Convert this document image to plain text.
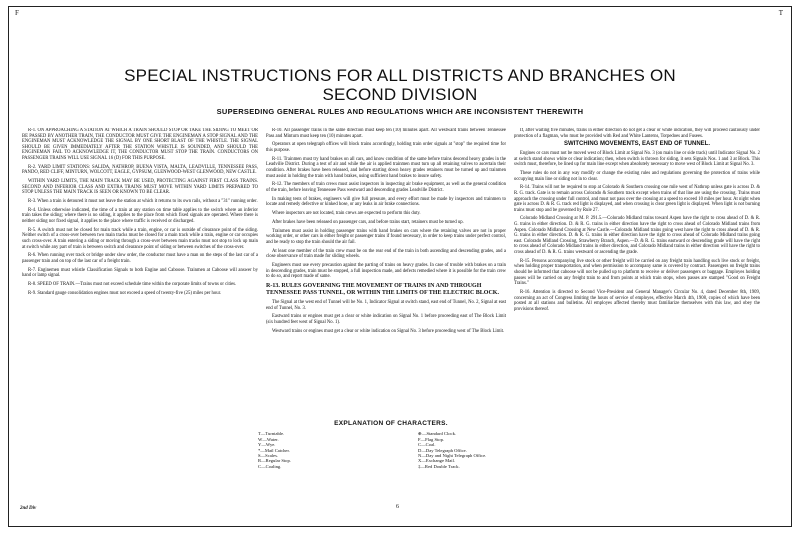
F	T
SPECIAL INSTRUCTIONS FOR ALL DISTRICTS AND BRANCHES ON
SECOND DIVISION
SUPERSEDING GENERAL RULES AND REGULATIONS WHICH ARE INCONSISTENT THEREWITH

R-1. ON APPROACHING A STATION AT WHICH A TRAIN SHOULD STOP OR TAKE THE SIDING TO MEET OR BE PASSED BY ANOTHER TRAIN, THE CONDUCTOR MUST GIVE THE ENGINEMAN A STOP SIGNAL AND THE ENGINEMAN MUST ACKNOWLEDGE THE SIGNAL BY ONE SHORT BLAST OF THE WHISTLE. THE SIGNAL SHOULD BE GIVEN IMMEDIATELY AFTER THE STATION WHISTLE IS SOUNDED, AND SHOULD THE ENGINEMAN FAIL TO ACKNOWLEDGE IT, THE CONDUCTOR MUST STOP THE TRAIN. CONDUCTORS ON PASSENGER TRAINS WILL USE SIGNAL 16 (D) FOR THIS PURPOSE.

R-2. YARD LIMIT STATIONS: SALIDA, NATHROP, BUENA VISTA, MALTA, LEADVILLE, TENNESSEE PASS, PANDO, RED CLIFF, MINTURN, WOLCOTT, EAGLE, GYPSUM, GLENWOOD-WEST GLENWOOD, NEW CASTLE.

WITHIN YARD LIMITS, THE MAIN TRACK MAY BE USED, PROTECTING AGAINST FIRST CLASS TRAINS. SECOND AND INFERIOR CLASS AND EXTRA TRAINS MUST MOVE WITHIN YARD LIMITS PREPARED TO STOP UNLESS THE MAIN TRACK IS SEEN OR KNOWN TO BE CLEAR.

R-3. When a train is detoured it must not leave the station at which it returns to its own rails, without a "31" running order.

R-4. Unless otherwise indicated, the time of a train at any station on time table applies to the switch where an inferior train takes the siding; where there is no siding, it applies to the place from which fixed signals are operated. Where there is neither siding nor fixed signal, it applies to the place where traffic is received or discharged.

R-5. A switch must not be closed for main track while a train, engine, or car is outside of clearance point of the siding. Neither switch of a cross-over between two main tracks must be closed for a main track while a train, engine or car occupies such cross-over. A train entering a siding or moving through a cross-over between main tracks must not stop to lock up main at switch while any part of train is between switch and clearance point of siding or between switches of the cross-over.

R-6. When running over track or bridge under slow order, the conductor must have a man on the steps of the last car of a passenger train and on top of the last car of a freight train.

R-7. Enginemen must whistle Classification Signals to both Engine and Caboose. Trainmen at Caboose will answer by hand or lamp signal.

R-8. SPEED OF TRAIN.—Trains must not exceed schedule time within the corporate limits of towns or cities.

R-9. Standard gauge consolidation engines must not exceed a speed of twenty-five (25) miles per hour.

R-10. All passenger trains in the same direction must keep ten (10) minutes apart. All westward trains between Tennessee Pass and Minturn must keep ten (10) minutes apart.

Operators at open telegraph offices will block trains accordingly, holding train order signals at "stop" the required time for this purpose.

R-11. Trainmen must try hand brakes on all cars, and know condition of the same before trains descend heavy grades in the Leadville District. During a test of air and while the air is applied trainmen must turn up all retaining valves to ascertain their condition. After brakes have been released, and before starting down heavy grades retainers must be turned up and trainmen must assist in holding the train with hand brakes, using sufficient hand brakes to insure safety.

R-12. The members of train crews must assist inspectors in inspecting air brake equipment, as well as the general condition of the train, before leaving Tennessee Pass westward and descending grades Leadville District.

In making tests of brakes, engineers will give full pressure, and every effort must be made by inspectors and trainmen to locate and remedy defective or kinked hose, or any leaks in air brake connections.

Where inspectors are not located, train crews are expected to perform this duty.

After brakes have been released on passenger cars, and before trains start, retainers must be turned up.

Trainmen must assist in holding passenger trains with hand brakes on cars where the retaining valves are not in proper working order, or other cars in either freight or passenger trains if found necessary, in order to keep trains under perfect control, and be ready to stop the train should the air fail.

At least one member of the train crew must be on the rear end of the train in both ascending and descending grades, and a close observance of train made for sliding wheels.

Engineers must use every precaution against the parting of trains on heavy grades. In case of trouble with brakes on a train in descending grades, train must be stopped, a full inspection made, and defects remedied where it is possible for the train crew to do so, and report made of same.

R-13. RULES GOVERNING THE MOVEMENT OF TRAINS IN AND THROUGH TENNESSEE PASS TUNNEL, OR WITHIN THE LIMITS OF THE ELECTRIC BLOCK.

The Signal at the west end of Tunnel will be No. 1, Indicator Signal at switch stand, east end of Tunnel, No. 2, Signal at east end of Tunnel, No. 3.

Eastward trains or engines must get a clear or white indication on Signal No. 1 before proceeding east of The Block Limit (six hundred feet west of Signal No. 1).

Westward trains or engines must get a clear or white indication on Signal No. 3 before proceeding west of The Block Limit.

If, after waiting five minutes, trains in either direction do not get a clear or white indication, they will proceed cautiously under protection of a flagman, who must be provided with Red and White Lanterns, Torpedoes and Fusees.

SWITCHING MOVEMENTS, EAST END OF TUNNEL.

Engines or cars must not be moved west of Block Limit at Signal No. 3 (on main line or side track) until Indicator Signal No. 2 at switch stand shows white or clear indication; then, when switch is thrown for siding, it sets Signals Nos. 1 and 3 at Block. This switch must, therefore, be lined up for main line except when absolutely necessary to move west of Block Limit at Signal No. 3.

These rules do not in any way modify or change the existing rules and regulations governing the protection of trains while occupying main line or siding not in to clear.

R-14. Trains will not be required to stop at Colorado & Southern crossing one mile west of Nathrop unless gate is across D. & R. G. track. Gate is to remain across Colorado & Southern track except when trains of that line are using the crossing. Trains must approach the crossing under full control, and must not pass over the crossing at a speed to exceed 10 miles per hour. At night when gate is across D. & R. G. track red light is displayed, and when crossing is clear green light is displayed. When light is not burning trains must stop and be governed by Rule 27.

Colorado Midland Crossing at M. P. 291.5.—Colorado Midland trains toward Aspen have the right to cross ahead of D. & R. G. trains in either direction. D. & R. G. trains in either direction have the right to cross ahead of Colorado Midland trains from Aspen. Colorado Midland Crossing at New Castle.—Colorado Midland trains going west have the right to cross ahead of D. & R. G. trains in either direction. D. & R. G. trains in either direction have the right to cross ahead of Colorado Midland trains going east. Colorado Midland Crossing, Strawberry Branch, Aspen.—D. & R. G. trains eastward or descending grade will have the right to cross ahead of Colorado Midland trains in either direction, and Colorado Midland trains in either direction will have the right to cross ahead of D. & R. G. trains westward or ascending the grade.

R-15. Persons accompanying live stock or other freight will be carried on any freight train handling such live stock or freight, when holding proper transportation, and when permission to accompany same is covered by contract. Passengers on freight trains should be informed that caboose will not be pulled up to platform to receive or deliver passengers or baggage. Employes holding passes will be carried on any freight train to and from points at which train stops, when passes are stamped "Good on Freight Trains."

R-16. Attention is directed to Second Vice-President and General Manager's Circular No. 4, dated December 8th, 1909, concerning an act of Congress limiting the hours of service of employes, effective March 4th, 1908, copies of which have been posted at all stations and bulletins. All employes affected thereby must familiarize themselves with this law, and obey the provisions thereof.

EXPLANATION OF CHARACTERS.
T—Turntable.
W—Water.
Y—Wye.
*—Mail Catcher.
S—Scales.
R—Regular Stop.
C—Coaling.
⊕—Standard Clock.
F—Flag Stop.
C—Coal.
D—Day Telegraph Office.
N—Day and Night Telegraph Office.
X—Exchange Mail.
‡—Red Double Track.
2nd Div	6
